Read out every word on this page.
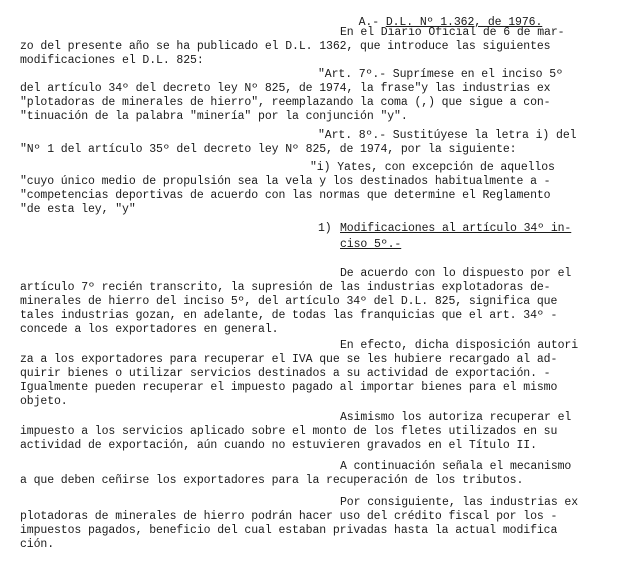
A.- D.L. Nº 1.362, de 1976.

En el Diario Oficial de 6 de mar-
zo del presente año se ha publicado el D.L. 1362, que introduce las siguientes
modificaciones el D.L. 825:
"Art. 7º.- Suprímese en el inciso 5º
del artículo 34º del decreto ley Nº 825, de 1974, la frase"y las industrias ex
"plotadoras de minerales de hierro", reemplazando la coma (,) que sigue a con-
"tinuación de la palabra "minería" por la conjunción "y".
"Art. 8º.- Sustitúyese la letra i) del
"Nº 1 del artículo 35º del decreto ley Nº 825, de 1974, por la siguiente:
"i) Yates, con excepción de aquellos
"cuyo único medio de propulsión sea la vela y los destinados habitualmente a -
"competencias deportivas de acuerdo con las normas que determine el Reglamento
"de esta ley, "y"
1) Modificaciones al artículo 34º in-
ciso 5º.-
De acuerdo con lo dispuesto por el
artículo 7º recién transcrito, la supresión de las industrias explotadoras de-
minerales de hierro del inciso 5º, del artículo 34º del D.L. 825, significa que
tales industrias gozan, en adelante, de todas las franquicias que el art. 34º -
concede a los exportadores en general.
En efecto, dicha disposición autori
za a los exportadores para recuperar el IVA que se les hubiere recargado al ad-
quirir bienes o utilizar servicios destinados a su actividad de exportación. -
Igualmente pueden recuperar el impuesto pagado al importar bienes para el mismo
objeto.
Asimismo los autoriza recuperar el
impuesto a los servicios aplicado sobre el monto de los fletes utilizados en su
actividad de exportación, aún cuando no estuvieren gravados en el Título II.
A continuación señala el mecanismo
a que deben ceñirse los exportadores para la recuperación de los tributos.
Por consiguiente, las industrias ex
plotadoras de minerales de hierro podrán hacer uso del crédito fiscal por los -
impuestos pagados, beneficio del cual estaban privadas hasta la actual modifica
ción.
